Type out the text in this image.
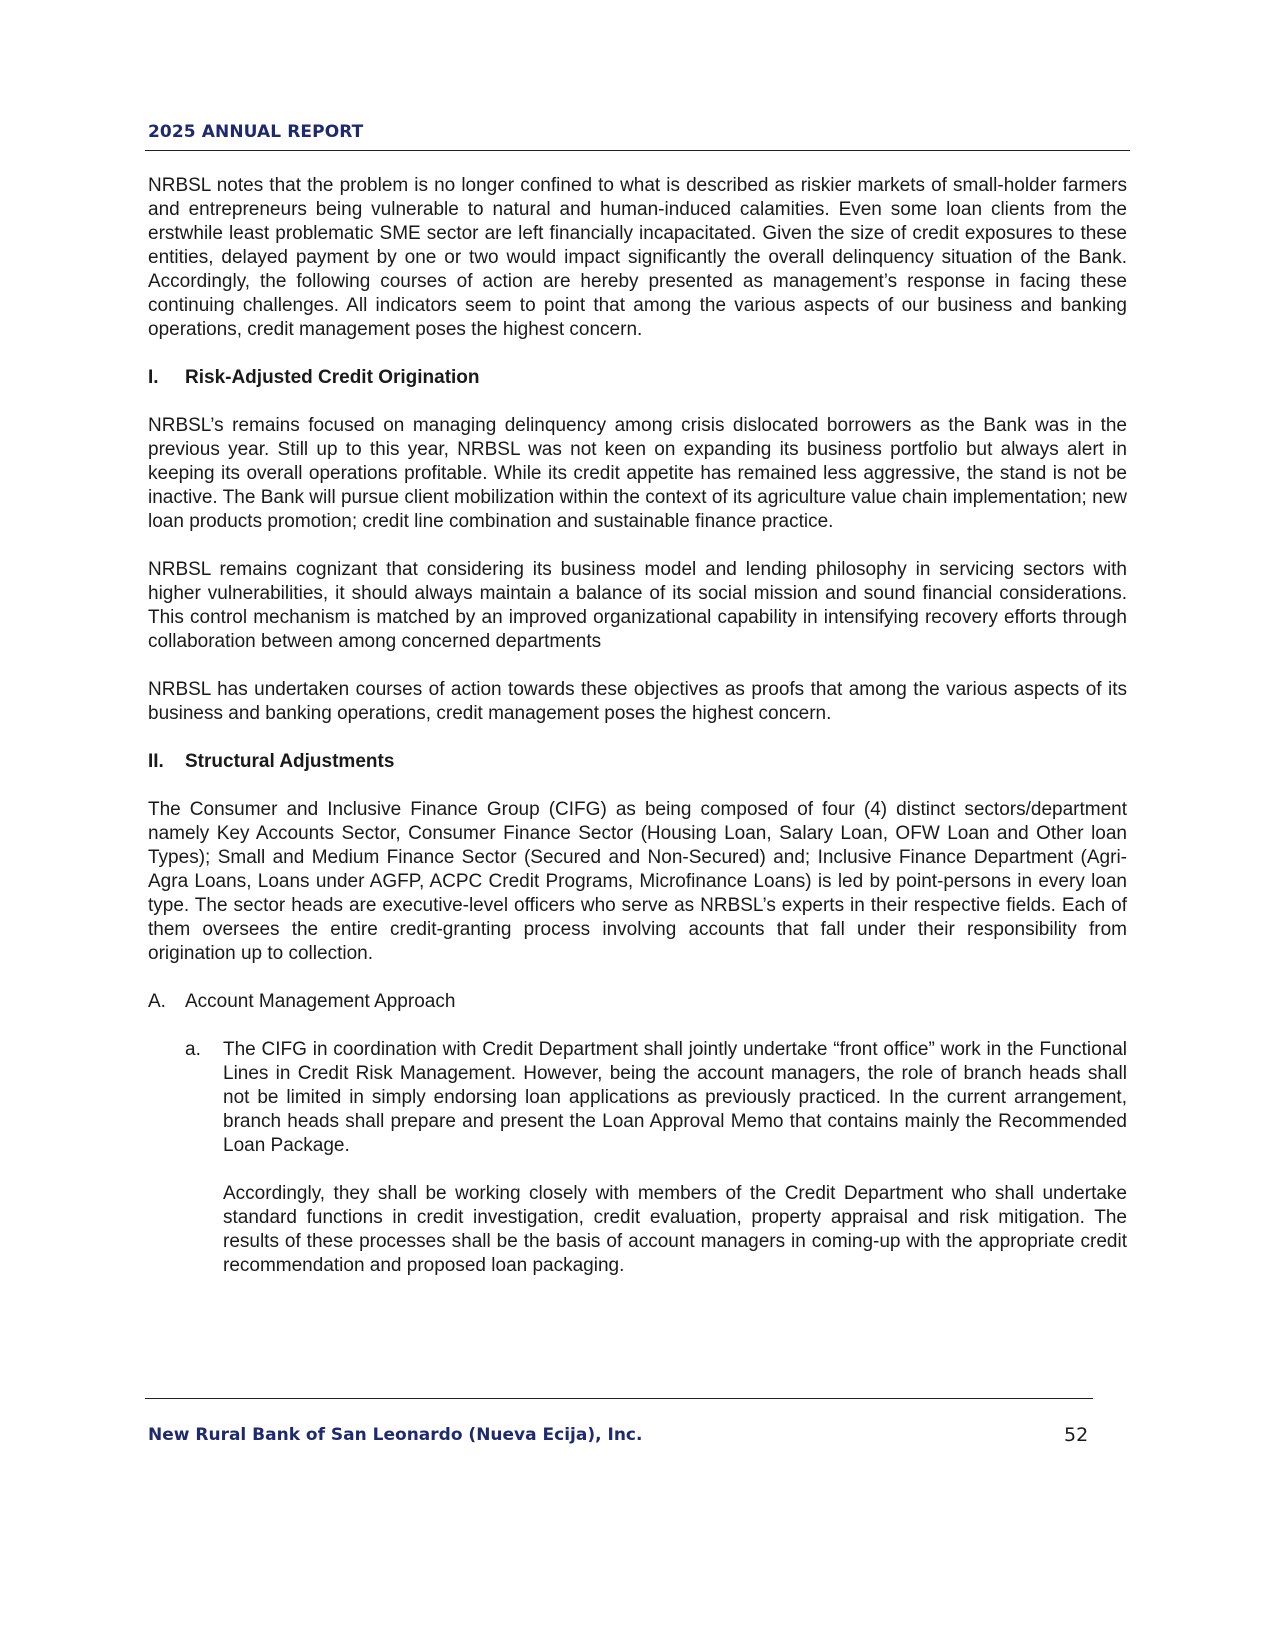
2025 ANNUAL REPORT

NRBSL notes that the problem is no longer confined to what is described as riskier markets of small-holder farmers and entrepreneurs being vulnerable to natural and human-induced calamities. Even some loan clients from the erstwhile least problematic SME sector are left financially incapacitated. Given the size of credit exposures to these entities, delayed payment by one or two would impact significantly the overall delinquency situation of the Bank. Accordingly, the following courses of action are hereby presented as management’s response in facing these continuing challenges. All indicators seem to point that among the various aspects of our business and banking operations, credit management poses the highest concern.

I.	Risk-Adjusted Credit Origination

NRBSL’s remains focused on managing delinquency among crisis dislocated borrowers as the Bank was in the previous year. Still up to this year, NRBSL was not keen on expanding its business portfolio but always alert in keeping its overall operations profitable. While its credit appetite has remained less aggressive, the stand is not be inactive. The Bank will pursue client mobilization within the context of its agriculture value chain implementation; new loan products promotion; credit line combination and sustainable finance practice.

NRBSL remains cognizant that considering its business model and lending philosophy in servicing sectors with higher vulnerabilities, it should always maintain a balance of its social mission and sound financial considerations. This control mechanism is matched by an improved organizational capability in intensifying recovery efforts through collaboration between among concerned departments

NRBSL has undertaken courses of action towards these objectives as proofs that among the various aspects of its business and banking operations, credit management poses the highest concern.

II.	Structural Adjustments

The Consumer and Inclusive Finance Group (CIFG) as being composed of four (4) distinct sectors/department namely Key Accounts Sector, Consumer Finance Sector (Housing Loan, Salary Loan, OFW Loan and Other loan Types); Small and Medium Finance Sector (Secured and Non-Secured) and; Inclusive Finance Department (Agri-Agra Loans, Loans under AGFP, ACPC Credit Programs, Microfinance Loans) is led by point-persons in every loan type. The sector heads are executive-level officers who serve as NRBSL’s experts in their respective fields. Each of them oversees the entire credit-granting process involving accounts that fall under their responsibility from origination up to collection.

A.	Account Management Approach
a.	The CIFG in coordination with Credit Department shall jointly undertake “front office” work in the Functional Lines in Credit Risk Management. However, being the account managers, the role of branch heads shall not be limited in simply endorsing loan applications as previously practiced. In the current arrangement, branch heads shall prepare and present the Loan Approval Memo that contains mainly the Recommended Loan Package.

Accordingly, they shall be working closely with members of the Credit Department who shall undertake standard functions in credit investigation, credit evaluation, property appraisal and risk mitigation. The results of these processes shall be the basis of account managers in coming-up with the appropriate credit recommendation and proposed loan packaging.

New Rural Bank of San Leonardo (Nueva Ecija), Inc.	52
